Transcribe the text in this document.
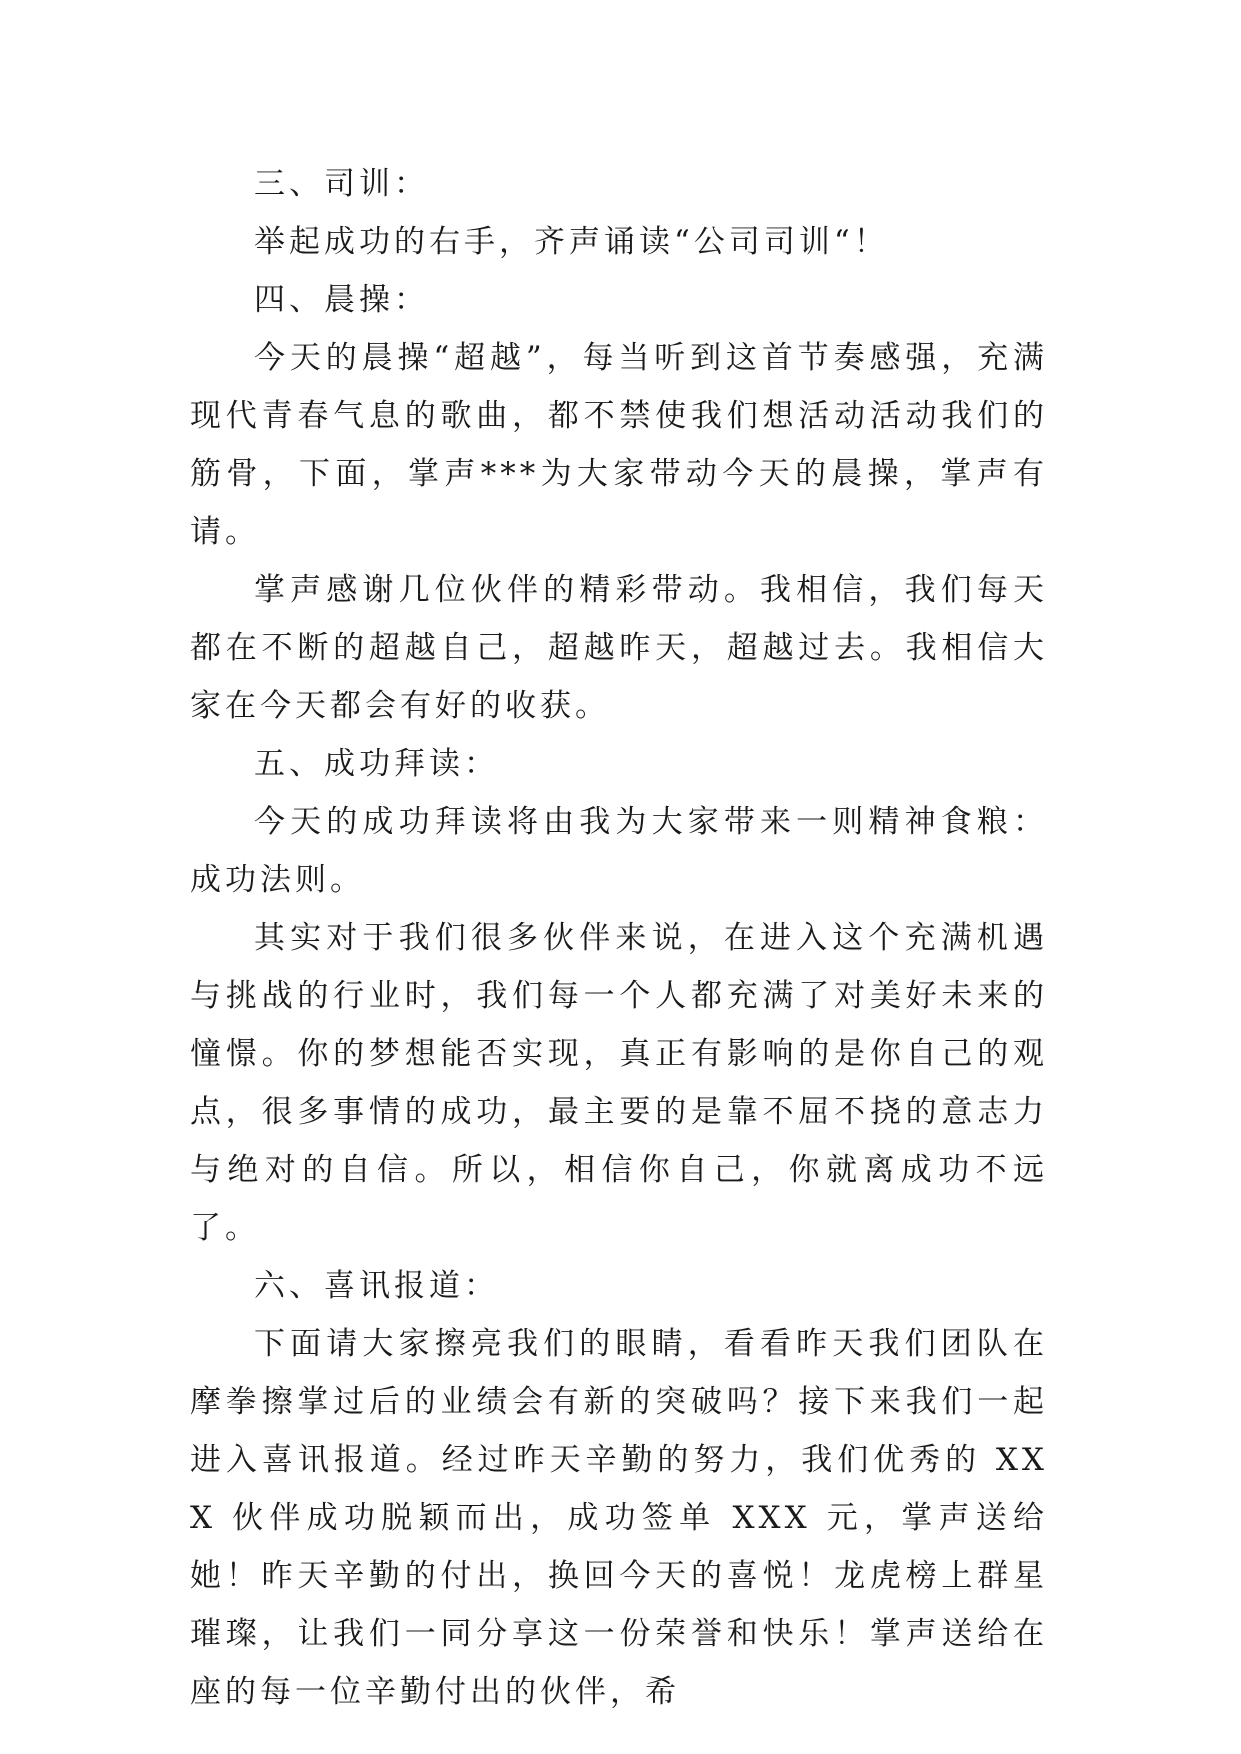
三、司训：

举起成功的右手，齐声诵读“公司司训“！

四、晨操：

今天的晨操“超越”，每当听到这首节奏感强，充满现代青春气息的歌曲，都不禁使我们想活动活动我们的筋骨，下面，掌声***为大家带动今天的晨操，掌声有请。

掌声感谢几位伙伴的精彩带动。我相信，我们每天都在不断的超越自己，超越昨天，超越过去。我相信大家在今天都会有好的收获。

五、成功拜读：

今天的成功拜读将由我为大家带来一则精神食粮：成功法则。

其实对于我们很多伙伴来说，在进入这个充满机遇与挑战的行业时，我们每一个人都充满了对美好未来的憧憬。你的梦想能否实现，真正有影响的是你自己的观点，很多事情的成功，最主要的是靠不屈不挠的意志力与绝对的自信。所以，相信你自己，你就离成功不远了。

六、喜讯报道：

下面请大家擦亮我们的眼睛，看看昨天我们团队在摩拳擦掌过后的业绩会有新的突破吗？接下来我们一起进入喜讯报道。经过昨天辛勤的努力，我们优秀的 XXX 伙伴成功脱颖而出，成功签单 XXX 元，掌声送给她！昨天辛勤的付出，换回今天的喜悦！龙虎榜上群星璀璨，让我们一同分享这一份荣誉和快乐！掌声送给在座的每一位辛勤付出的伙伴，希
